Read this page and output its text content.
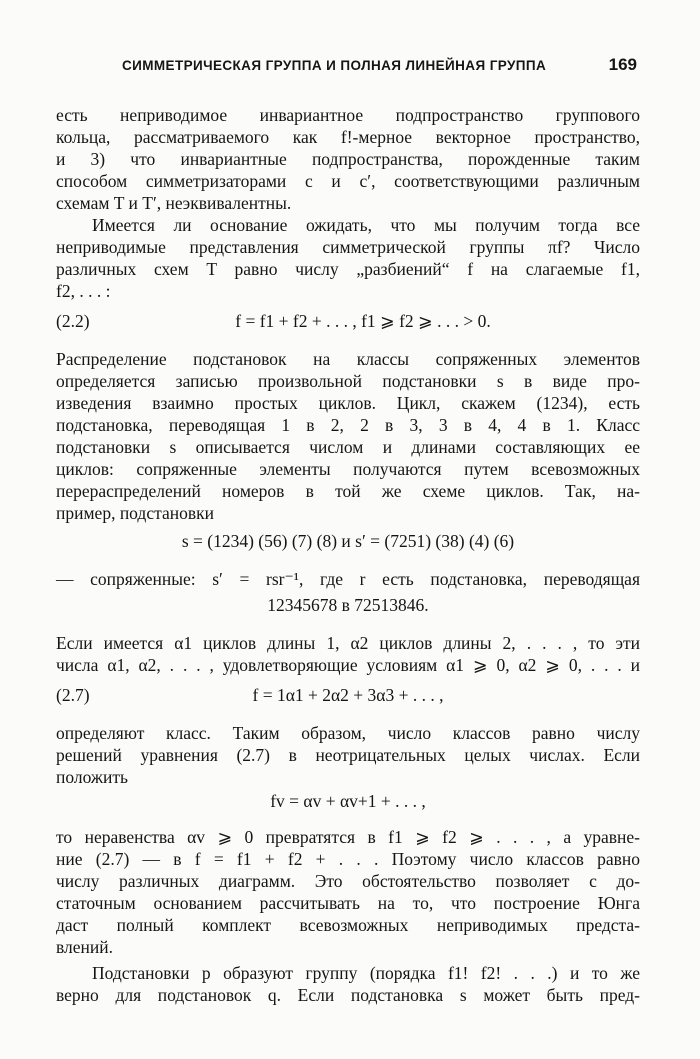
СИММЕТРИЧЕСКАЯ ГРУППА И ПОЛНАЯ ЛИНЕЙНАЯ ГРУППА	169
есть неприводимое инвариантное подпространство группового
кольца, рассматриваемого как f!-мерное векторное пространство,
и 3) что инвариантные подпространства, порожденные таким
способом симметризаторами c и c′, соответствующими различным
схемам T и T′, неэквивалентны.
Имеется ли основание ожидать, что мы получим тогда все
неприводимые представления симметрической группы πf? Число
различных схем T равно числу „разбиений“ f на слагаемые f1,
f2, . . . :
(2.2)	f = f1 + f2 + . . . , f1 ⩾ f2 ⩾ . . . > 0.
Распределение подстановок на классы сопряженных элементов
определяется записью произвольной подстановки s в виде про-
изведения взаимно простых циклов. Цикл, скажем (1234), есть
подстановка, переводящая 1 в 2, 2 в 3, 3 в 4, 4 в 1. Класс
подстановки s описывается числом и длинами составляющих ее
циклов: сопряженные элементы получаются путем всевозможных
перераспределений номеров в той же схеме циклов. Так, на-
пример, подстановки
s = (1234) (56) (7) (8) и s′ = (7251) (38) (4) (6)
— сопряженные: s′ = rsr⁻¹, где r есть подстановка, переводящая
12345678 в 72513846.
Если имеется α1 циклов длины 1, α2 циклов длины 2, . . . , то эти
числа α1, α2, . . . , удовлетворяющие условиям α1 ⩾ 0, α2 ⩾ 0, . . . и
(2.7)	f = 1α1 + 2α2 + 3α3 + . . . ,
определяют класс. Таким образом, число классов равно числу
решений уравнения (2.7) в неотрицательных целых числах. Если
положить
fv = αv + αv+1 + . . . ,
то неравенства αv ⩾ 0 превратятся в f1 ⩾ f2 ⩾ . . . , а уравне-
ние (2.7) — в f = f1 + f2 + . . . Поэтому число классов равно
числу различных диаграмм. Это обстоятельство позволяет с до-
статочным основанием рассчитывать на то, что построение Юнга
даст полный комплект всевозможных неприводимых предста-
влений.
Подстановки p образуют группу (порядка f1! f2! . . .) и то же
верно для подстановок q. Если подстановка s может быть пред-
